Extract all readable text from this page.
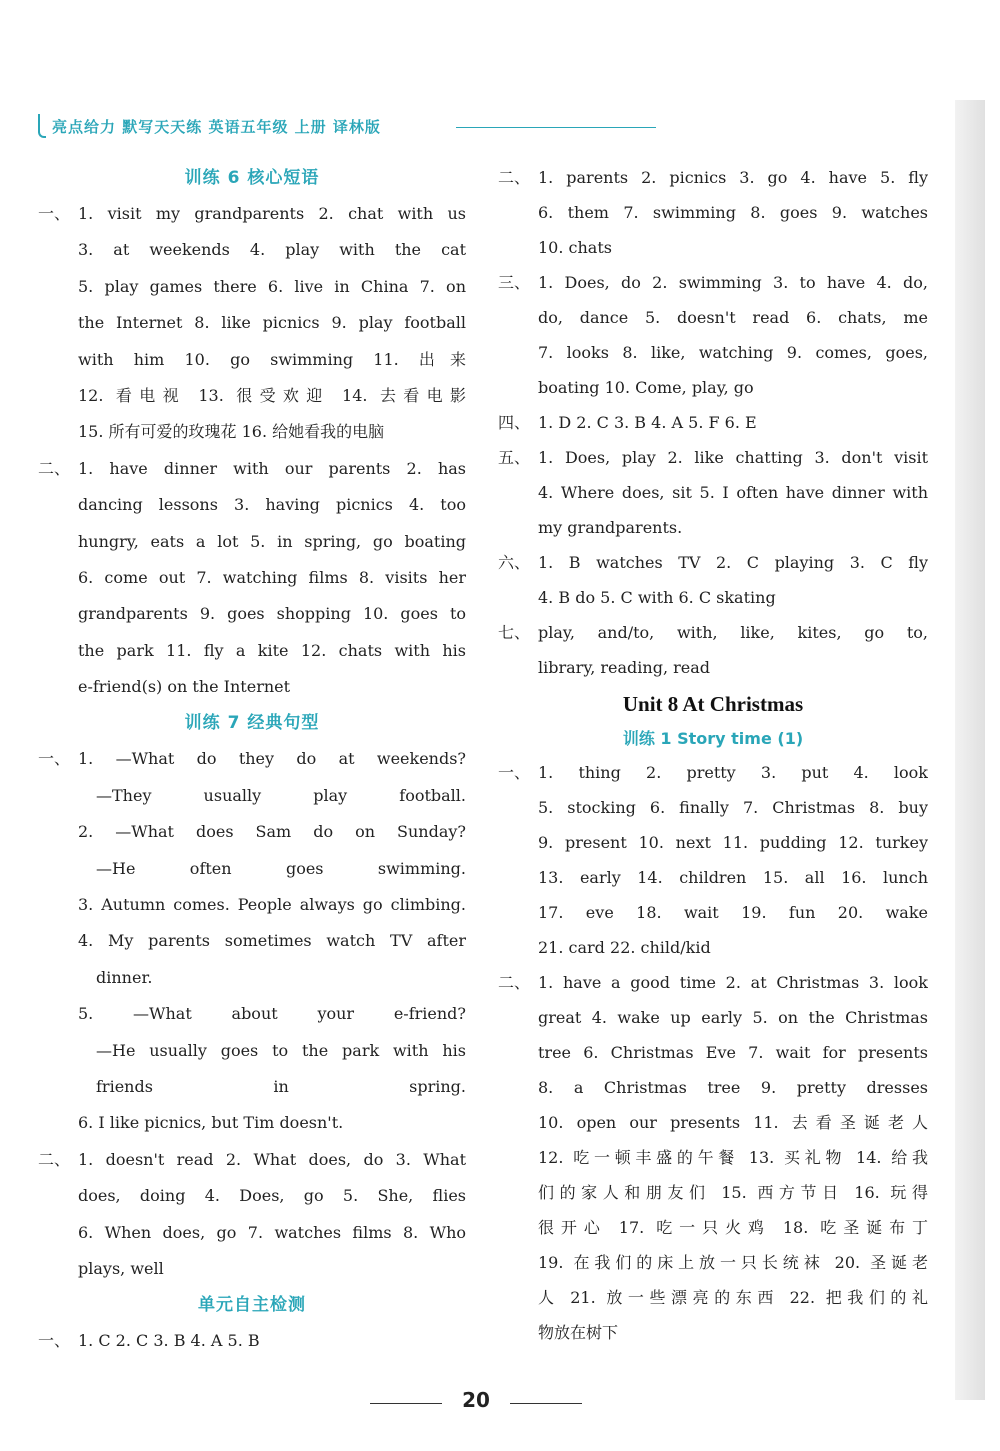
亮点给力 默写天天练 英语五年级 上册 译林版
训练 6 核心短语
一、 1. visit my grandparents 2. chat with us
3. at weekends 4. play with the cat
5. play games there 6. live in China 7. on
the Internet 8. like picnics 9. play football
with him 10. go swimming 11. 出来
12. 看电视 13. 很受欢迎 14. 去看电影
15. 所有可爱的玫瑰花 16. 给她看我的电脑
二、 1. have dinner with our parents 2. has
dancing lessons 3. having picnics 4. too
hungry, eats a lot 5. in spring, go boating
6. come out 7. watching films 8. visits her
grandparents 9. goes shopping 10. goes to
the park 11. fly a kite 12. chats with his
e-friend(s) on the Internet
训练 7 经典句型
一、 1. —What do they do at weekends?
—They usually play football.
2. —What does Sam do on Sunday?
—He often goes swimming.
3. Autumn comes. People always go climbing.
4. My parents sometimes watch TV after
dinner.
5. —What about your e-friend?
—He usually goes to the park with his
friends in spring.
6. I like picnics, but Tim doesn't.
二、 1. doesn't read 2. What does, do 3. What
does, doing 4. Does, go 5. She, flies
6. When does, go 7. watches films 8. Who
plays, well
单元自主检测
一、 1. C 2. C 3. B 4. A 5. B
二、 1. parents 2. picnics 3. go 4. have 5. fly
6. them 7. swimming 8. goes 9. watches
10. chats
三、 1. Does, do 2. swimming 3. to have 4. do,
do, dance 5. doesn't read 6. chats, me
7. looks 8. like, watching 9. comes, goes,
boating 10. Come, play, go
四、 1. D 2. C 3. B 4. A 5. F 6. E
五、 1. Does, play 2. like chatting 3. don't visit
4. Where does, sit 5. I often have dinner with
my grandparents.
六、 1. B watches TV 2. C playing 3. C fly
4. B do 5. C with 6. C skating
七、 play, and/to, with, like, kites, go to,
library, reading, read
Unit 8 At Christmas
训练 1 Story time (1)
一、 1. thing 2. pretty 3. put 4. look
5. stocking 6. finally 7. Christmas 8. buy
9. present 10. next 11. pudding 12. turkey
13. early 14. children 15. all 16. lunch
17. eve 18. wait 19. fun 20. wake
21. card 22. child/kid
二、 1. have a good time 2. at Christmas 3. look
great 4. wake up early 5. on the Christmas
tree 6. Christmas Eve 7. wait for presents
8. a Christmas tree 9. pretty dresses
10. open our presents 11. 去看圣诞老人
12. 吃一顿丰盛的午餐 13. 买礼物 14. 给我
们的家人和朋友们 15. 西方节日 16. 玩得
很开心 17. 吃一只火鸡 18. 吃圣诞布丁
19. 在我们的床上放一只长统袜 20. 圣诞老
人 21. 放一些漂亮的东西 22. 把我们的礼
物放在树下
20
